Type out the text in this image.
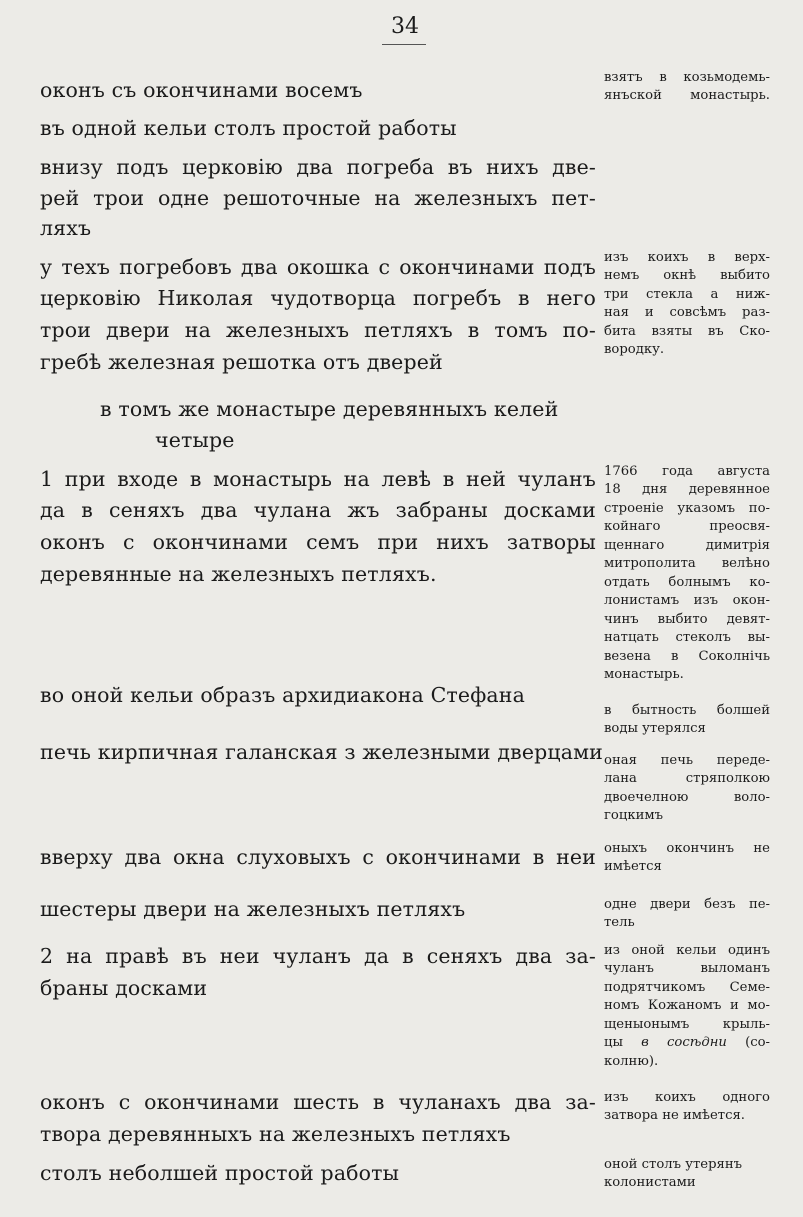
34
оконъ съ окончинами восемъ
въ одной кельи столъ простой работы
внизу подъ церковію два погреба въ нихъ две-
рей трои одне решоточные на железныхъ пет-
ляхъ
у техъ погребовъ два окошка с окончинами подъ
церковію Николая чудотворца погребъ в него
трои двери на железныхъ петляхъ в томъ по-
гребѣ железная решотка отъ дверей
в томъ же монастыре деревянныхъ келей
четыре
1 при входе в монастырь на левѣ в ней чуланъ
да в сеняхъ два чулана жъ забраны досками
оконъ с окончинами семъ при нихъ затворы
деревянные на железныхъ петляхъ.
во оной кельи образъ архидиакона Стефана
печь кирпичная галанская з железными дверцами
вверху два окна слуховыхъ с окончинами в неи
шестеры двери на железныхъ петляхъ
2 на правѣ въ неи чуланъ да в сеняхъ два за-
браны досками
оконъ с окончинами шесть в чуланахъ два за-
твора деревянныхъ на железныхъ петляхъ
столъ неболшей простой работы
взятъ в козьмодемь-
янъской монастырь.
изъ коихъ в верх-
немъ окнѣ выбито
три стекла а ниж-
ная и совсѣмъ раз-
бита взяты въ Ско-
вородку.
1766 года августа
18 дня деревянное
строеніе указомъ по-
койнаго преосвя-
щеннаго димитрія
митрополита велѣно
отдать болнымъ ко-
лонистамъ изъ окон-
чинъ выбито девят-
натцать стеколъ вы-
везена в Соколнічь
монастырь.
в бытность болшей
воды утерялся
оная печь переде-
лана стряполкою
двоечелною воло-
гоцкимъ
оныхъ окончинъ не
имѣется
одне двери безъ пе-
тель
из оной кельи одинъ
чуланъ выломанъ
подрятчикомъ Семе-
номъ Кожаномъ и мо-
щеныонымъ крыль-
цы в сосѣдни (со-
колню).
изъ коихъ одного
затвора не имѣется.
оной столъ утерянъ
колонистами
